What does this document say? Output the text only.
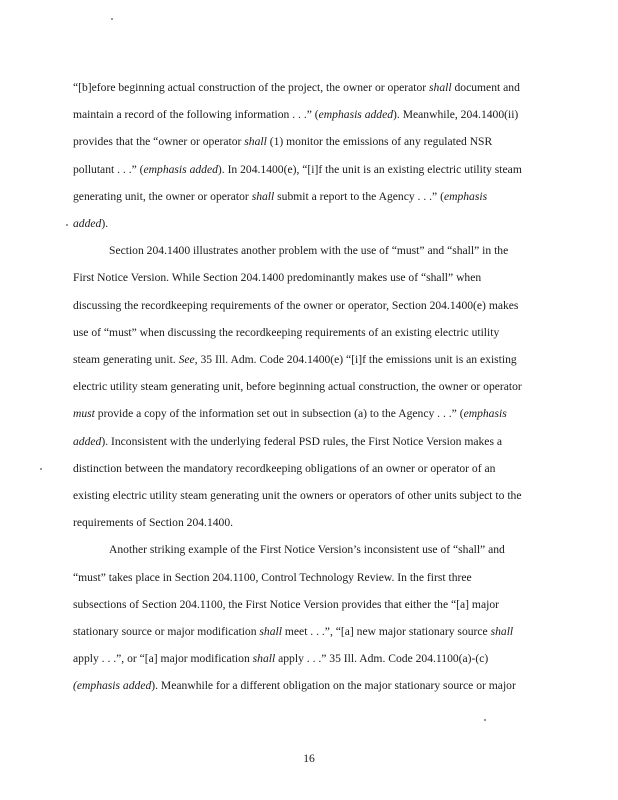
“[b]efore beginning actual construction of the project, the owner or operator shall document and
maintain a record of the following information . . .” (emphasis added). Meanwhile, 204.1400(ii)
provides that the “owner or operator shall (1) monitor the emissions of any regulated NSR
pollutant . . .” (emphasis added). In 204.1400(e), “[i]f the unit is an existing electric utility steam
generating unit, the owner or operator shall submit a report to the Agency . . .” (emphasis
added).
Section 204.1400 illustrates another problem with the use of “must” and “shall” in the
First Notice Version. While Section 204.1400 predominantly makes use of “shall” when
discussing the recordkeeping requirements of the owner or operator, Section 204.1400(e) makes
use of “must” when discussing the recordkeeping requirements of an existing electric utility
steam generating unit. See, 35 Ill. Adm. Code 204.1400(e) “[i]f the emissions unit is an existing
electric utility steam generating unit, before beginning actual construction, the owner or operator
must provide a copy of the information set out in subsection (a) to the Agency . . .” (emphasis
added). Inconsistent with the underlying federal PSD rules, the First Notice Version makes a
distinction between the mandatory recordkeeping obligations of an owner or operator of an
existing electric utility steam generating unit the owners or operators of other units subject to the
requirements of Section 204.1400.
Another striking example of the First Notice Version’s inconsistent use of “shall” and
“must” takes place in Section 204.1100, Control Technology Review. In the first three
subsections of Section 204.1100, the First Notice Version provides that either the “[a] major
stationary source or major modification shall meet . . .”, “[a] new major stationary source shall
apply . . .”, or “[a] major modification shall apply . . .” 35 Ill. Adm. Code 204.1100(a)-(c)
(emphasis added). Meanwhile for a different obligation on the major stationary source or major
16
